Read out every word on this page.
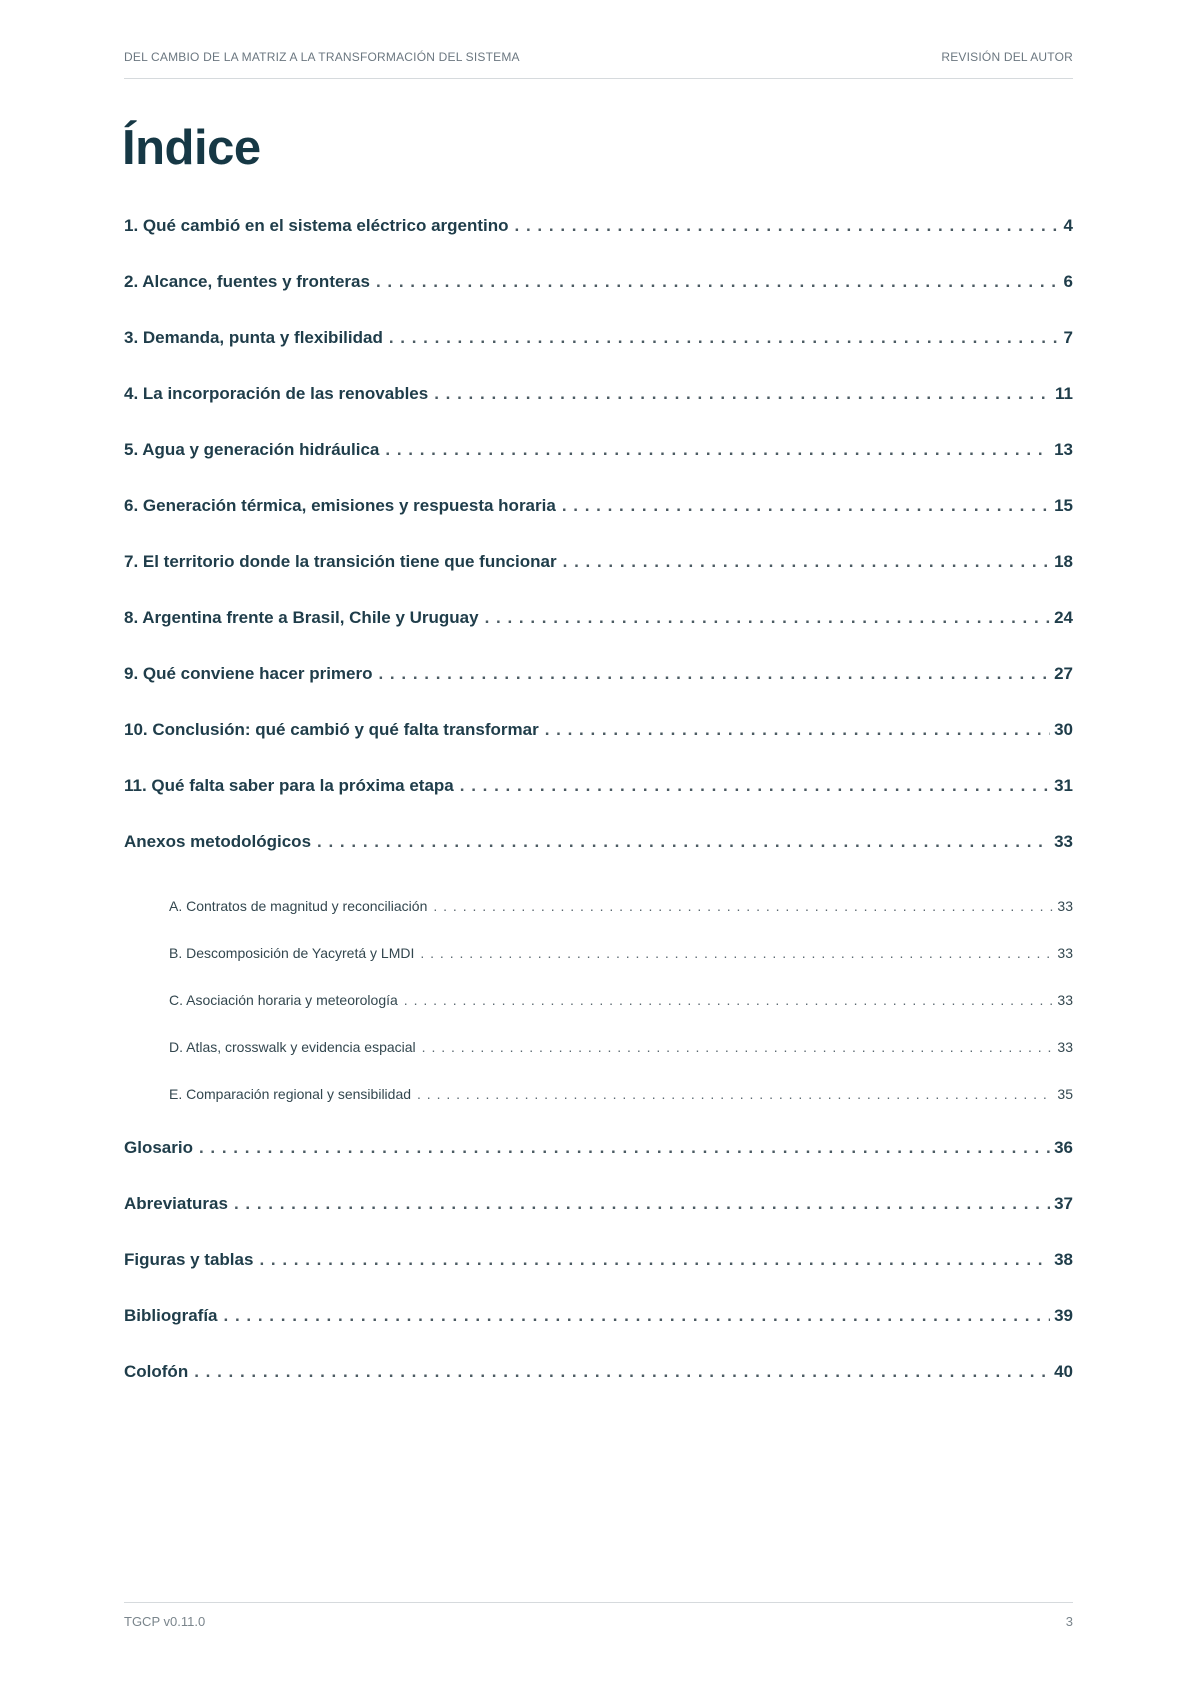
DEL CAMBIO DE LA MATRIZ A LA TRANSFORMACIÓN DEL SISTEMA	REVISIÓN DEL AUTOR
Índice
1. Qué cambió en el sistema eléctrico argentino . . .	4
2. Alcance, fuentes y fronteras . . .	6
3. Demanda, punta y flexibilidad . . .	7
4. La incorporación de las renovables . . .	11
5. Agua y generación hidráulica . . .	13
6. Generación térmica, emisiones y respuesta horaria . . .	15
7. El territorio donde la transición tiene que funcionar . . .	18
8. Argentina frente a Brasil, Chile y Uruguay . . .	24
9. Qué conviene hacer primero . . .	27
10. Conclusión: qué cambió y qué falta transformar . . .	30
11. Qué falta saber para la próxima etapa . . .	31
Anexos metodológicos . . .	33
A. Contratos de magnitud y reconciliación . . .	33
B. Descomposición de Yacyretá y LMDI . . .	33
C. Asociación horaria y meteorología . . .	33
D. Atlas, crosswalk y evidencia espacial . . .	33
E. Comparación regional y sensibilidad . . .	35
Glosario . . .	36
Abreviaturas . . .	37
Figuras y tablas . . .	38
Bibliografía . . .	39
Colofón . . .	40
TGCP v0.11.0	3
